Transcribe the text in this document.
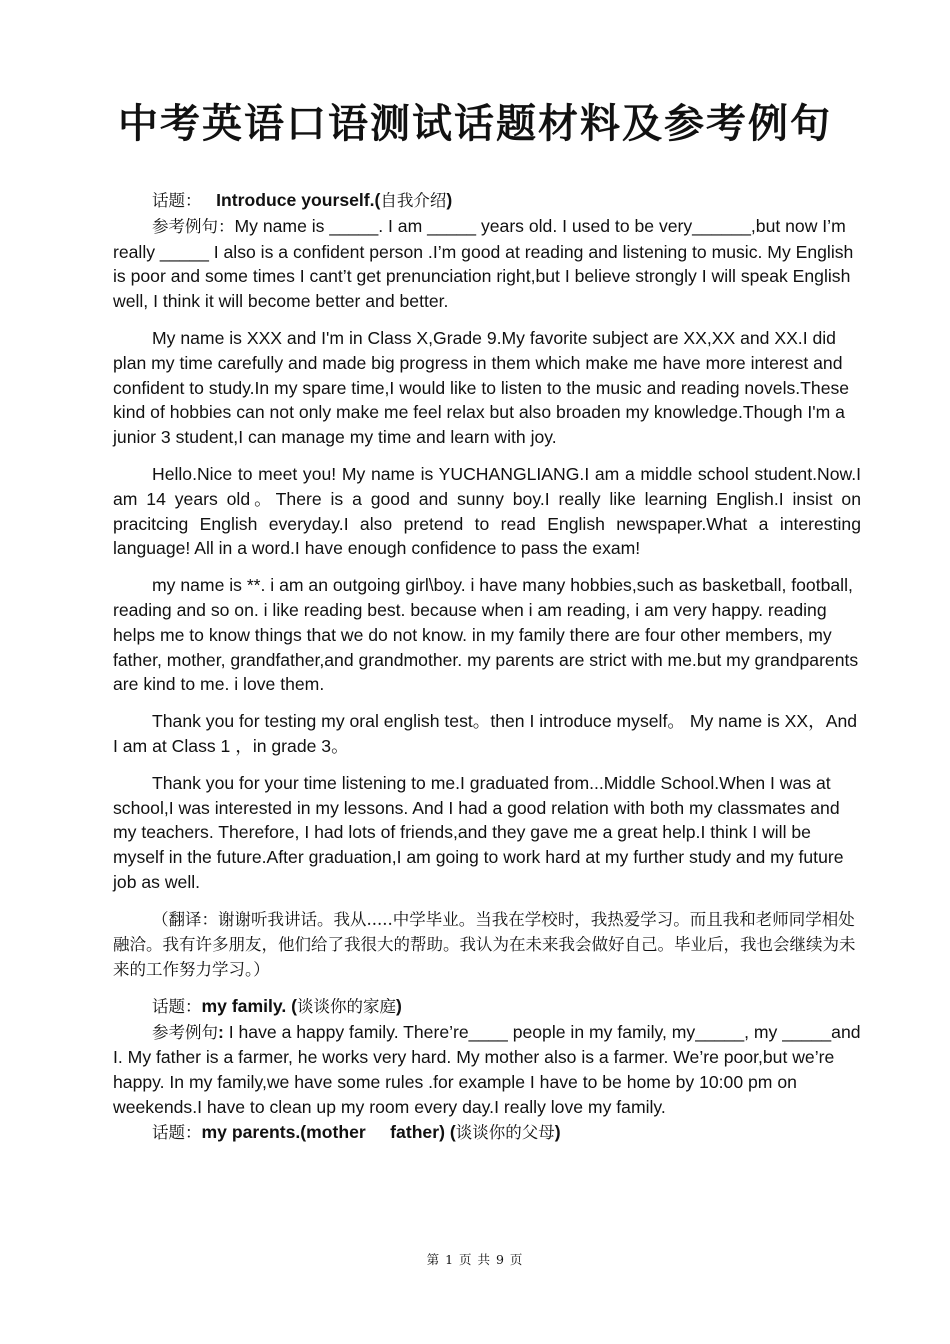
中考英语口语测试话题材料及参考例句

话题： Introduce yourself.(自我介绍)

参考例句：My name is _____. I am _____ years old. I used to be very______,but now I’m really _____ I also is a confident person .I’m good at reading and listening to music. My English is poor and some times I cant’t get prenunciation right,but I believe strongly I will speak English well, I think it will become better and better.

My name is XXX and I'm in Class X,Grade 9.My favorite subject are XX,XX and XX.I did plan my time carefully and made big progress in them which make me have more interest and confident to study.In my spare time,I would like to listen to the music and reading novels.These kind of hobbies can not only make me feel relax but also broaden my knowledge.Though I'm a junior 3 student,I can manage my time and learn with joy.

Hello.Nice to meet you! My name is YUCHANGLIANG.I am a middle school student.Now.I am 14 years old。There is a good and sunny boy.I really like learning English.I insist on pracitcing English everyday.I also pretend to read English newspaper.What a interesting language! All in a word.I have enough confidence to pass the exam!

my name is **. i am an outgoing girl\boy. i have many hobbies,such as basketball, football, reading and so on. i like reading best. because when i am reading, i am very happy. reading helps me to know things that we do not know. in my family there are four other members, my father, mother, grandfather,and grandmother. my parents are strict with me.but my grandparents are kind to me. i love them.

Thank you for testing my oral english test。then I introduce myself。 My name is XX，And I am at Class 1 ，in grade 3。

Thank you for your time listening to me.I graduated from...Middle School.When I was at school,I was interested in my lessons. And I had a good relation with both my classmates and my teachers. Therefore, I had lots of friends,and they gave me a great help.I think I will be myself in the future.After graduation,I am going to work hard at my further study and my future job as well.

（翻译：谢谢听我讲话。我从.....中学毕业。当我在学校时，我热爱学习。而且我和老师同学相处融洽。我有许多朋友，他们给了我很大的帮助。我认为在未来我会做好自己。毕业后，我也会继续为未来的工作努力学习。）

话题：my family. (谈谈你的家庭)

参考例句: I have a happy family. There’re____ people in my family, my_____, my _____and I. My father is a farmer, he works very hard. My mother also is a farmer. We’re poor,but we’re happy. In my family,we have some rules .for example I have to be home by 10:00 pm on weekends.I have to clean up my room every day.I really love my family.

话题：my parents.(mother     father) (谈谈你的父母)

第 1 页 共 9 页
